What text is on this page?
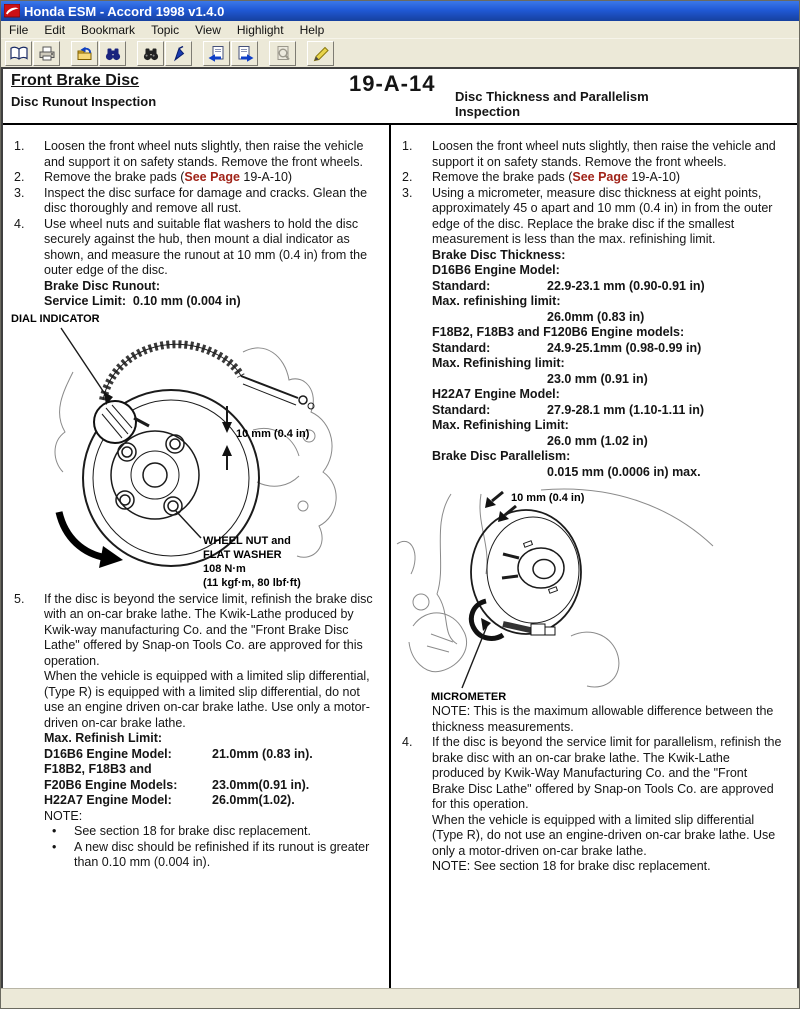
Honda ESM - Accord 1998 v1.4.0
File	Edit	Bookmark	Topic	View	Highlight	Help
Front Brake Disc
Disc Runout Inspection
19-A-14
Disc Thickness and Parallelism
Inspection
1.	Loosen the front wheel nuts slightly, then raise the vehicle and support it on safety stands. Remove the front wheels.
2.	Remove the brake pads (See Page 19-A-10)
3.	Inspect the disc surface for damage and cracks. Glean the disc thoroughly and remove all rust.
4.	Use wheel nuts and suitable flat washers to hold the disc securely against the hub, then mount a dial indicator as shown, and measure the runout at 10 mm (0.4 in) from the outer edge of the disc.
Brake Disc Runout:
Service Limit:  0.10 mm (0.004 in)
DIAL INDICATOR
10 mm (0.4 in)
WHEEL NUT and
FLAT WASHER
108 N·m
(11 kgf·m, 80 lbf·ft)
5.	If the disc is beyond the service limit, refinish the brake disc with an on-car brake lathe. The Kwik-Lathe produced by Kwik-way manufacturing Co. and the "Front Brake Disc Lathe" offered by Snap-on Tools Co. are approved for this operation.
When the vehicle is equipped with a limited slip differential, (Type R) is equipped with a limited slip differential, do not use an engine driven on-car brake lathe. Use only a motor-driven on-car brake lathe.
Max. Refinish Limit:
D16B6 Engine Model:	21.0mm (0.83 in).
F18B2, F18B3 and
F20B6 Engine Models:	23.0mm(0.91 in).
H22A7 Engine Model:	26.0mm(1.02).
NOTE:
•	See section 18 for brake disc replacement.
•	A new disc should be refinished if its runout is greater than 0.10 mm (0.004 in).
1.	Loosen the front wheel nuts slightly, then raise the vehicle and support it on safety stands. Remove the front wheels.
2.	Remove the brake pads (See Page 19-A-10)
3.	Using a micrometer, measure disc thickness at eight points, approximately 45 o apart and 10 mm (0.4 in) in from the outer edge of the disc. Replace the brake disc if the smallest measurement is less than the max. refinishing limit.
Brake Disc Thickness:
D16B6 Engine Model:
Standard:	22.9-23.1 mm (0.90-0.91 in)
Max. refinishing limit:
26.0mm (0.83 in)
F18B2, F18B3 and F120B6 Engine models:
Standard:	24.9-25.1mm (0.98-0.99 in)
Max. Refinishing limit:
23.0 mm (0.91 in)
H22A7 Engine Model:
Standard:	27.9-28.1 mm (1.10-1.11 in)
Max. Refinishing Limit:
26.0 mm (1.02 in)
Brake Disc Parallelism:
0.015 mm (0.0006 in) max.
10 mm (0.4 in)
MICROMETER
NOTE: This is the maximum allowable difference between the thickness measurements.
4.	If the disc is beyond the service limit for parallelism, refinish the brake disc with an on-car brake lathe. The Kwik-Lathe produced by Kwik-Way Manufacturing Co. and the "Front Brake Disc Lathe" offered by Snap-on Tools Co. are approved for this operation.
When the vehicle is equipped with a limited slip differential (Type R), do not use an engine-driven on-car brake lathe. Use only a motor-driven on-car brake lathe.
NOTE: See section 18 for brake disc replacement.
